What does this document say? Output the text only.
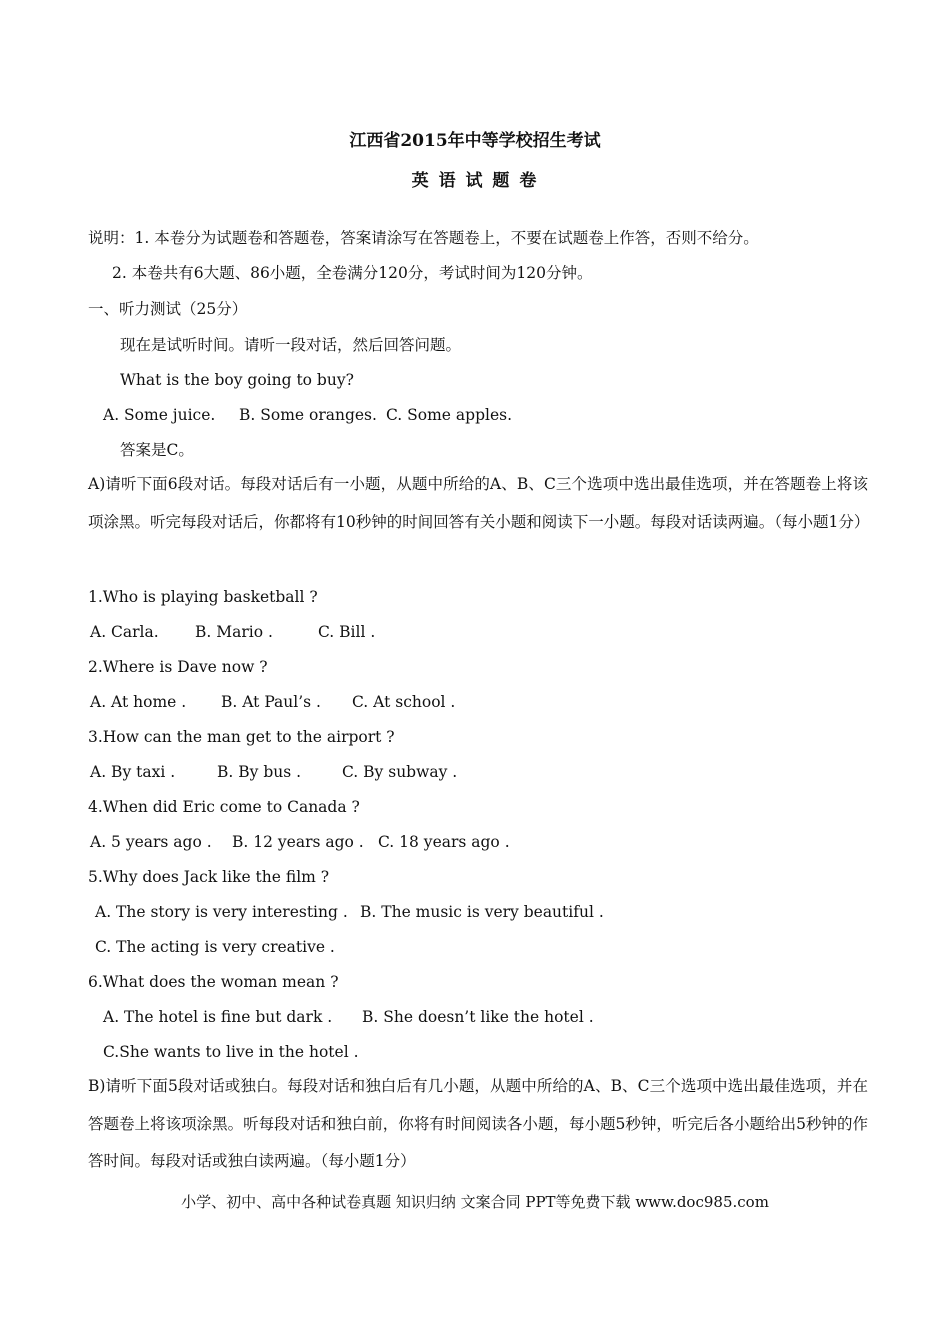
江西省2015年中等学校招生考试
英 语 试 题 卷
说明：1. 本卷分为试题卷和答题卷，答案请涂写在答题卷上，不要在试题卷上作答，否则不给分。
2. 本卷共有6大题、86小题，全卷满分120分，考试时间为120分钟。
一、听力测试（25分）
现在是试听时间。请听一段对话，然后回答问题。
What is the boy going to buy?
A. Some juice. B. Some oranges. C. Some apples.
答案是C。
A)请听下面6段对话。每段对话后有一小题，从题中所给的A、B、C三个选项中选出最佳选项，并在答题卷上将该项涂黑。听完每段对话后，你都将有10秒钟的时间回答有关小题和阅读下一小题。每段对话读两遍。（每小题1分）
1.Who is playing basketball ?
A. Carla. B. Mario .	C. Bill .
2.Where is Dave now ?
A. At home . B. At Paul’s . C. At school .
3.How can the man get to the airport ?
A. By taxi .	B. By bus .	C. By subway .
4.When did Eric come to Canada ?
A. 5 years ago . B. 12 years ago . C. 18 years ago .
5.Why does Jack like the film ?
A. The story is very interesting . B. The music is very beautiful .
C. The acting is very creative .
6.What does the woman mean ?
A. The hotel is fine but dark . B. She doesn’t like the hotel .
C.She wants to live in the hotel .
B)请听下面5段对话或独白。每段对话和独白后有几小题，从题中所给的A、B、C三个选项中选出最佳选项，并在答题卷上将该项涂黑。听每段对话和独白前，你将有时间阅读各小题，每小题5秒钟，听完后各小题给出5秒钟的作答时间。每段对话或独白读两遍。（每小题1分）
小学、初中、高中各种试卷真题 知识归纳 文案合同 PPT等免费下载 www.doc985.com
